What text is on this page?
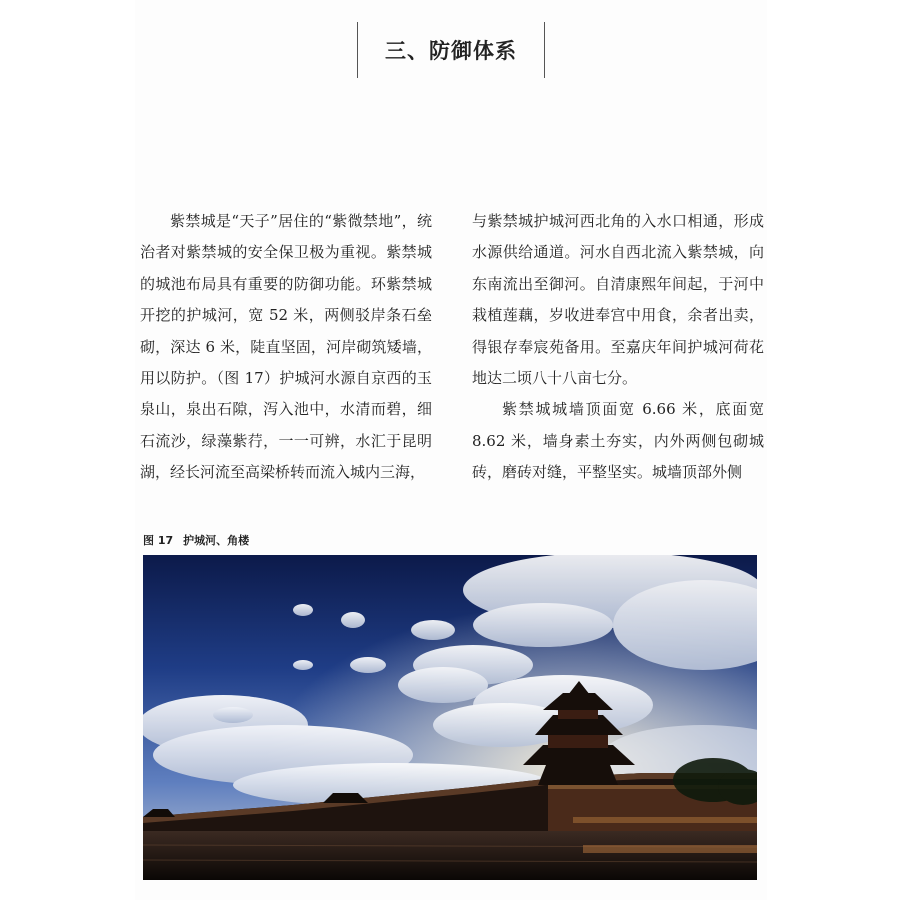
三、防御体系

紫禁城是“天子”居住的“紫微禁地”，统治者对紫禁城的安全保卫极为重视。紫禁城的城池布局具有重要的防御功能。环紫禁城开挖的护城河，宽 52 米，两侧驳岸条石垒砌，深达 6 米，陡直坚固，河岸砌筑矮墙，用以防护。（图 17）护城河水源自京西的玉泉山，泉出石隙，泻入池中，水清而碧，细石流沙，绿藻紫荇，一一可辨，水汇于昆明湖，经长河流至高梁桥转而流入城内三海，

与紫禁城护城河西北角的入水口相通，形成水源供给通道。河水自西北流入紫禁城，向东南流出至御河。自清康熙年间起，于河中栽植莲藕，岁收进奉宫中用食，余者出卖，得银存奉宸苑备用。至嘉庆年间护城河荷花地达二顷八十八亩七分。

紫禁城城墙顶面宽 6.66 米，底面宽 8.62 米，墙身素土夯实，内外两侧包砌城砖，磨砖对缝，平整坚实。城墙顶部外侧

图 17 护城河、角楼
